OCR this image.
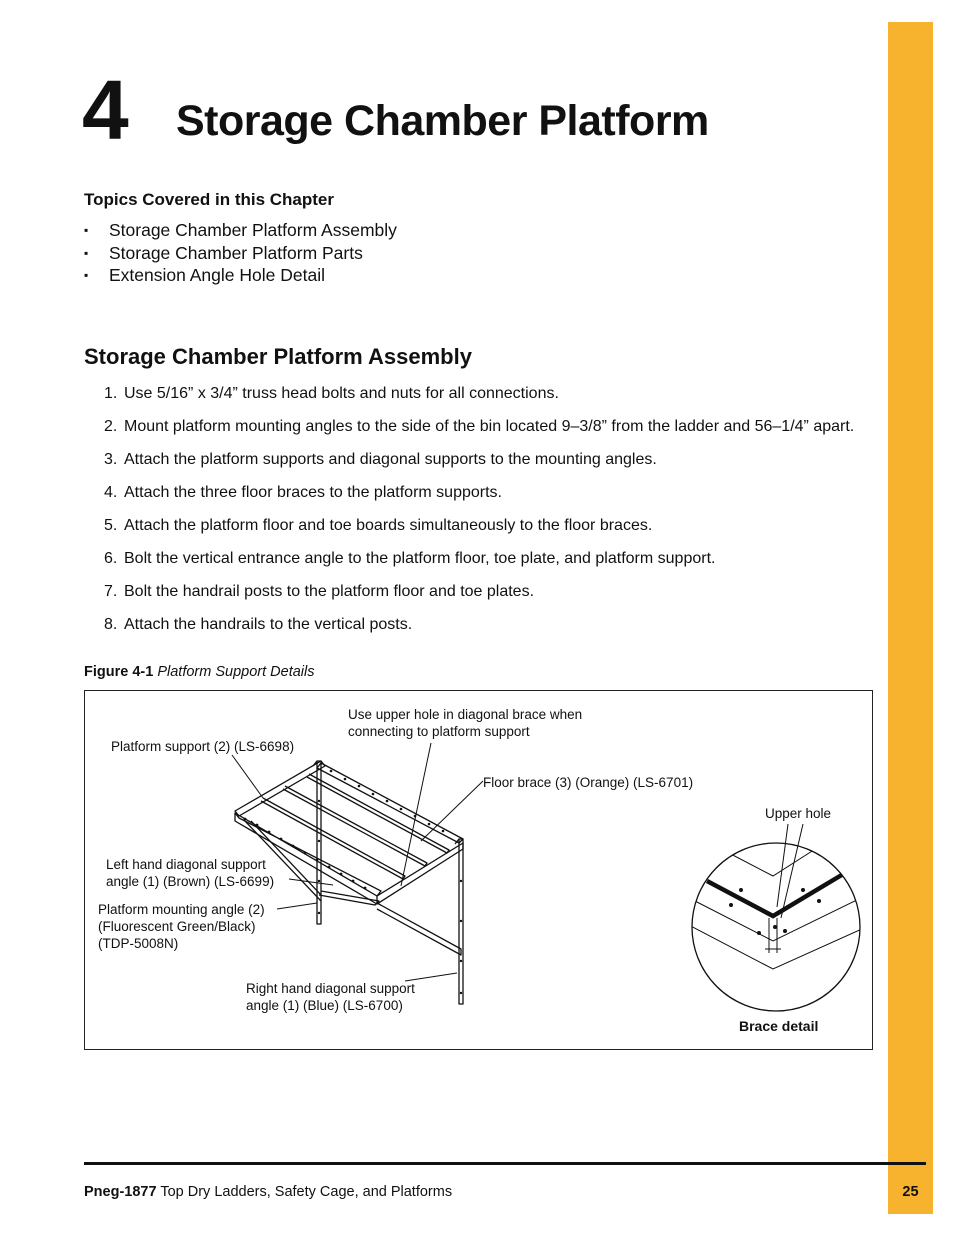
4 Storage Chamber Platform
Topics Covered in this Chapter
▪ Storage Chamber Platform Assembly
▪ Storage Chamber Platform Parts
▪ Extension Angle Hole Detail
Storage Chamber Platform Assembly
1. Use 5/16” x 3/4” truss head bolts and nuts for all connections.
2. Mount platform mounting angles to the side of the bin located 9–3/8” from the ladder and 56–1/4” apart.
3. Attach the platform supports and diagonal supports to the mounting angles.
4. Attach the three floor braces to the platform supports.
5. Attach the platform floor and toe boards simultaneously to the floor braces.
6. Bolt the vertical entrance angle to the platform floor, toe plate, and platform support.
7. Bolt the handrail posts to the platform floor and toe plates.
8. Attach the handrails to the vertical posts.
Figure 4-1 Platform Support Details
Use upper hole in diagonal brace when
connecting to platform support
Platform support (2) (LS-6698)
Floor brace (3) (Orange) (LS-6701)
Upper hole
Left hand diagonal support
angle (1) (Brown) (LS-6699)
Platform mounting angle (2)
(Fluorescent Green/Black)
(TDP-5008N)
Right hand diagonal support
angle (1) (Blue) (LS-6700)
Brace detail
Pneg-1877 Top Dry Ladders, Safety Cage, and Platforms	25
